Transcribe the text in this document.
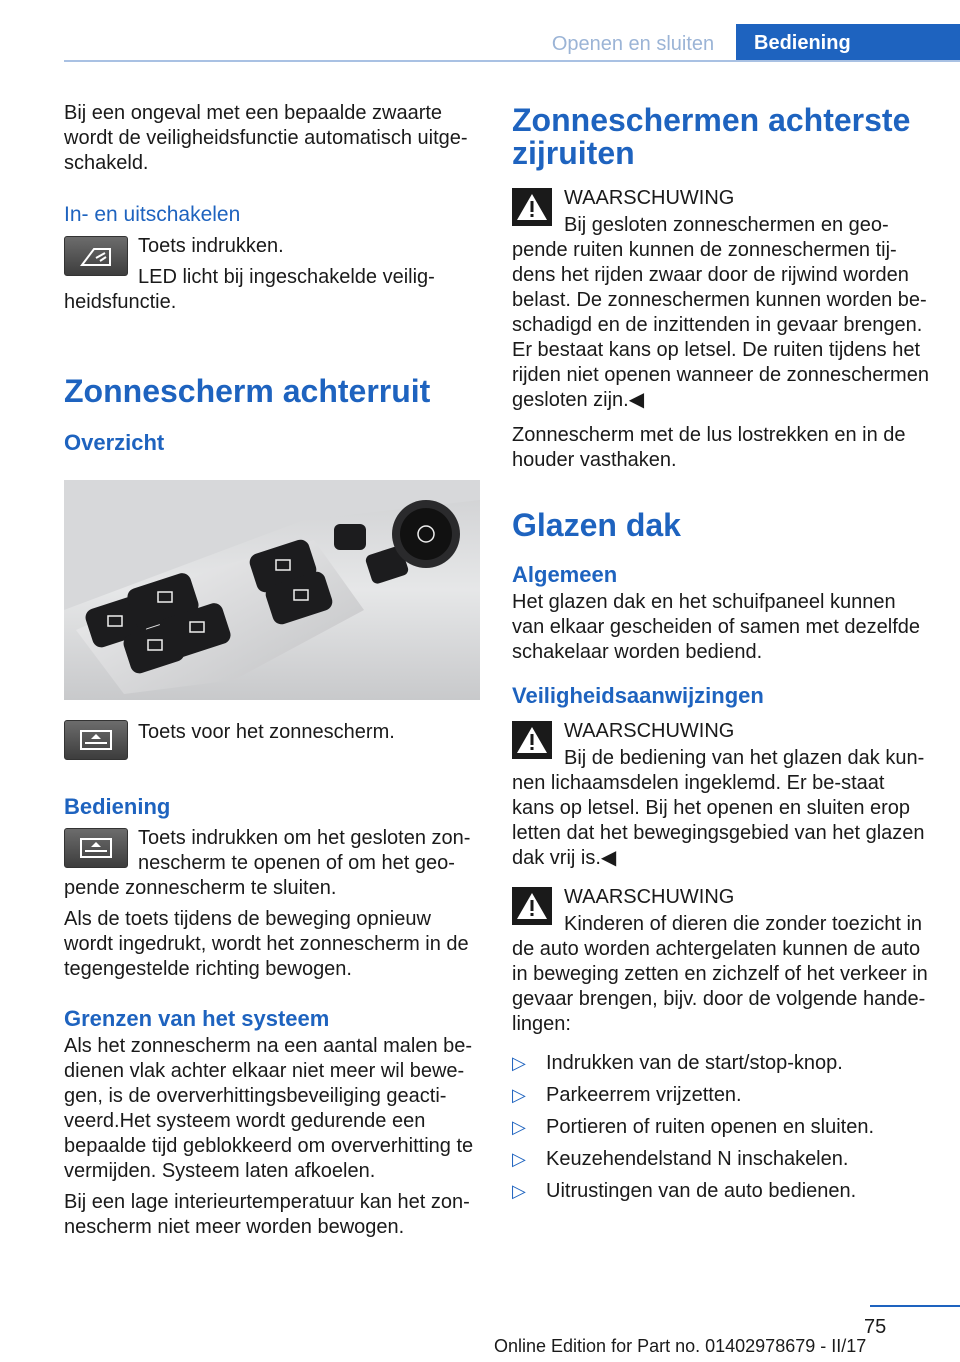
Openen en sluiten	Bediening

Bij een ongeval met een bepaalde zwaarte wordt de veiligheidsfunctie automatisch uitge-schakeld.

In- en uitschakelen

Toets indrukken.

LED licht bij ingeschakelde veilig-heidsfunctie.

Zonnescherm achterruit
Overzicht

Toets voor het zonnescherm.

Bediening

Toets indrukken om het gesloten zon-nescherm te openen of om het geo-pende zonnescherm te sluiten.

Als de toets tijdens de beweging opnieuw wordt ingedrukt, wordt het zonnescherm in de tegengestelde richting bewogen.

Grenzen van het systeem

Als het zonnescherm na een aantal malen be-dienen vlak achter elkaar niet meer wil bewe-gen, is de oververhittingsbeveiliging geacti-veerd.Het systeem wordt gedurende een bepaalde tijd geblokkeerd om oververhitting te vermijden. Systeem laten afkoelen.

Bij een lage interieurtemperatuur kan het zon-nescherm niet meer worden bewogen.

Zonneschermen achterste zijruiten

WAARSCHUWING

Bij gesloten zonneschermen en geo-pende ruiten kunnen de zonneschermen tij-dens het rijden zwaar door de rijwind worden belast. De zonneschermen kunnen worden be-schadigd en de inzittenden in gevaar brengen. Er bestaat kans op letsel. De ruiten tijdens het rijden niet openen wanneer de zonneschermen gesloten zijn.◀

Zonnescherm met de lus lostrekken en in de houder vasthaken.

Glazen dak
Algemeen

Het glazen dak en het schuifpaneel kunnen van elkaar gescheiden of samen met dezelfde schakelaar worden bediend.

Veiligheidsaanwijzingen

WAARSCHUWING

Bij de bediening van het glazen dak kun-nen lichaamsdelen ingeklemd. Er be-staat kans op letsel. Bij het openen en sluiten erop letten dat het bewegingsgebied van het glazen dak vrij is.◀

WAARSCHUWING

Kinderen of dieren die zonder toezicht in de auto worden achtergelaten kunnen de auto in beweging zetten en zichzelf of het verkeer in gevaar brengen, bijv. door de volgende hande-lingen:

▷ Indrukken van de start/stop-knop.
▷ Parkeerrem vrijzetten.
▷ Portieren of ruiten openen en sluiten.
▷ Keuzehendelstand N inschakelen.
▷ Uitrustingen van de auto bedienen.
75
Online Edition for Part no. 01402978679 - II/17
